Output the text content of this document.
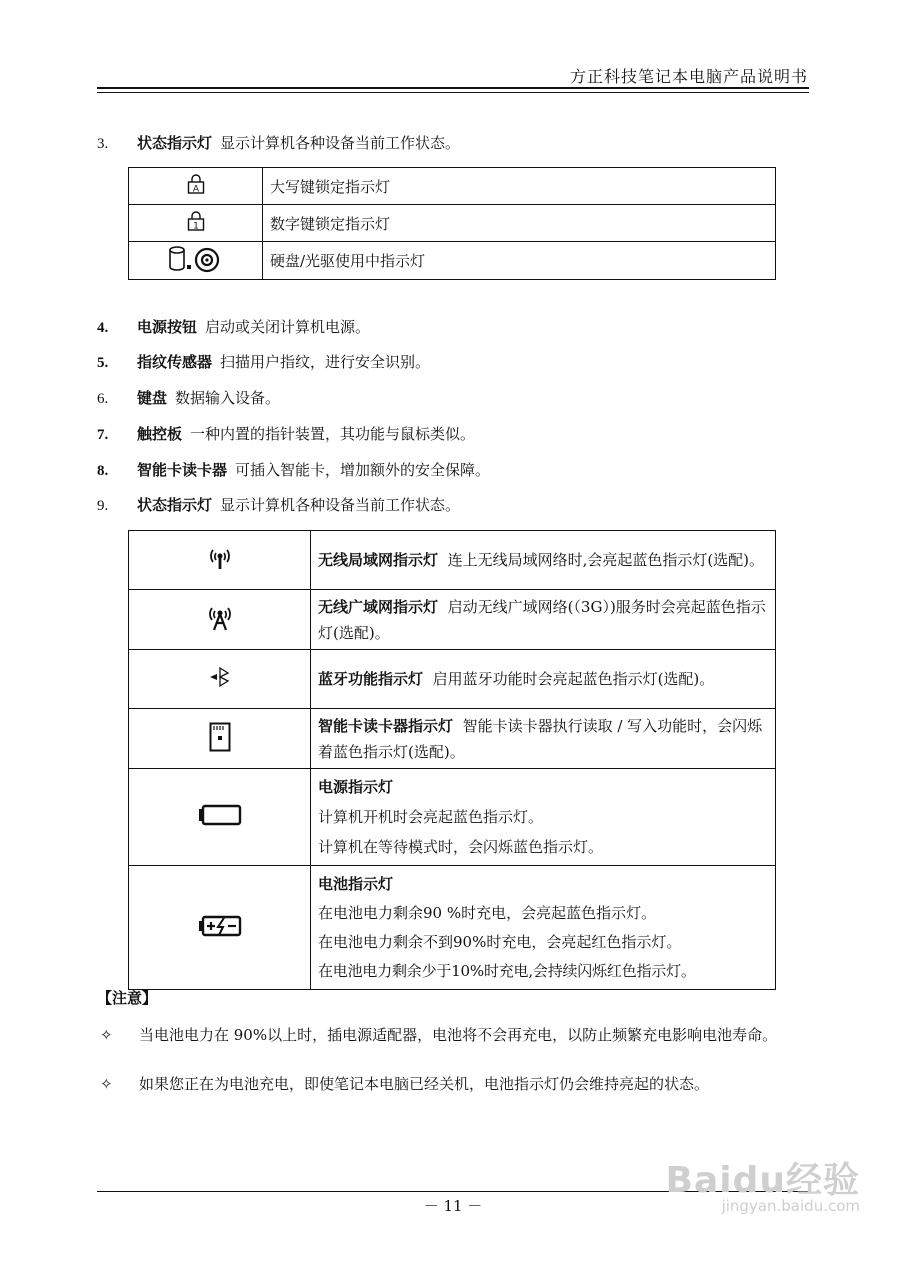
方正科技笔记本电脑产品说明书
3. 状态指示灯 显示计算机各种设备当前工作状态。
A	大写键锁定指示灯

1	数字键锁定指示灯
	硬盘/光驱使用中指示灯
4. 电源按钮 启动或关闭计算机电源。
5. 指纹传感器 扫描用户指纹，进行安全识别。
6. 键盘 数据输入设备。
7. 触控板 一种内置的指针装置，其功能与鼠标类似。
8. 智能卡读卡器 可插入智能卡，增加额外的安全保障。
9. 状态指示灯 显示计算机各种设备当前工作状态。
	无线局域网指示灯 连上无线局域网络时,会亮起蓝色指示灯(选配)。
	无线广域网指示灯 启动无线广域网络(（3G）)服务时会亮起蓝色指示灯(选配)。
	蓝牙功能指示灯 启用蓝牙功能时会亮起蓝色指示灯(选配)。
	智能卡读卡器指示灯 智能卡读卡器执行读取 / 写入功能时，会闪烁着蓝色指示灯(选配)。

电源指示灯
计算机开机时会亮起蓝色指示灯。
计算机在等待模式时，会闪烁蓝色指示灯。

电池指示灯
在电池电力剩余90 %时充电，会亮起蓝色指示灯。
在电池电力剩余不到90%时充电，会亮起红色指示灯。
在电池电力剩余少于10%时充电,会持续闪烁红色指示灯。
【注意】
✧ 当电池电力在 90%以上时，插电源适配器，电池将不会再充电，以防止频繁充电影响电池寿命。
✧ 如果您正在为电池充电，即使笔记本电脑已经关机，电池指示灯仍会维持亮起的状态。
－ 11 －
Baidu经验
jingyan.baidu.com
